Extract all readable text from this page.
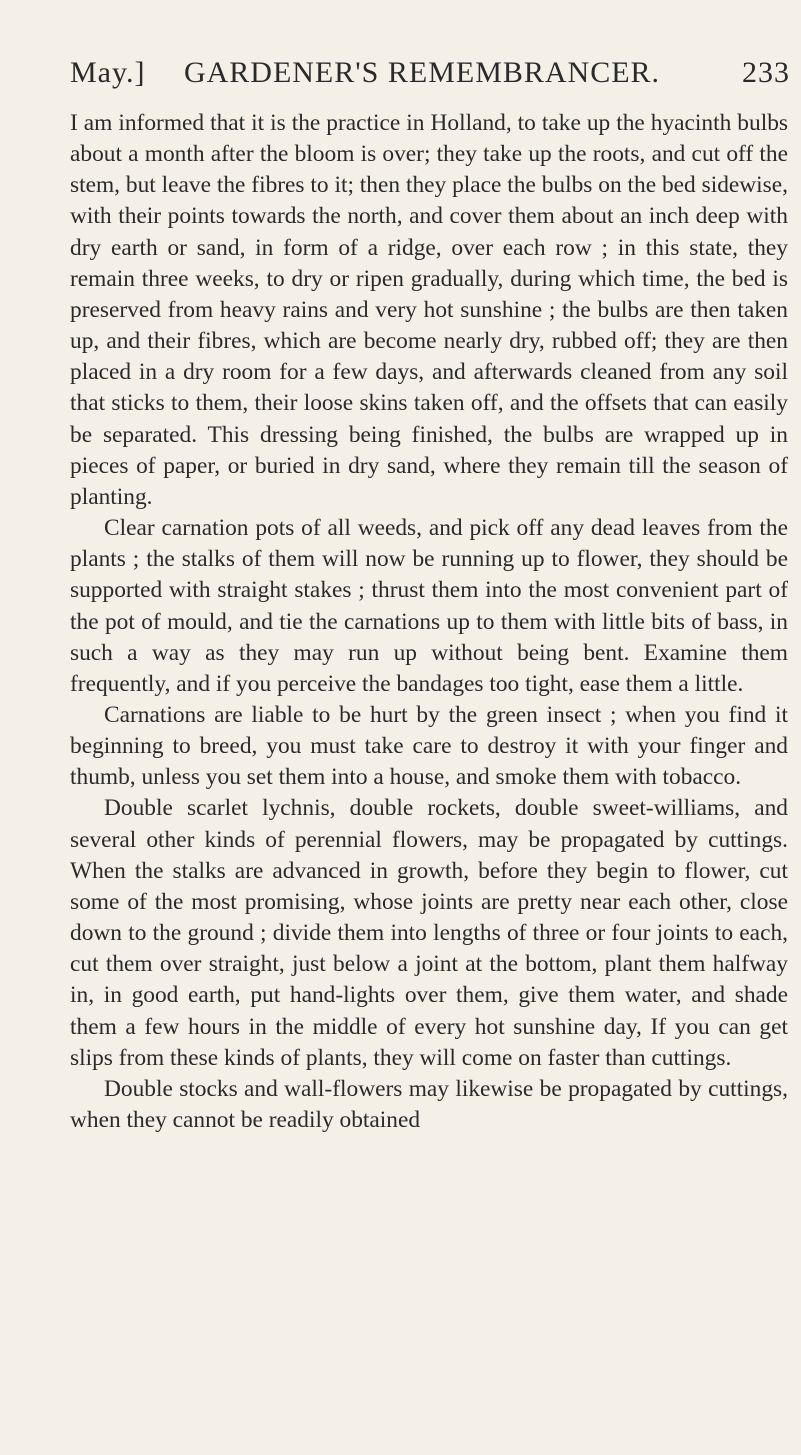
May.]	GARDENER'S REMEMBRANCER.	233

I am informed that it is the practice in Holland, to take up the hyacinth bulbs about a month after the bloom is over; they take up the roots, and cut off the stem, but leave the fibres to it; then they place the bulbs on the bed sidewise, with their points towards the north, and cover them about an inch deep with dry earth or sand, in form of a ridge, over each row ; in this state, they remain three weeks, to dry or ripen gradually, during which time, the bed is preserved from heavy rains and very hot sunshine ; the bulbs are then taken up, and their fibres, which are become nearly dry, rubbed off; they are then placed in a dry room for a few days, and afterwards cleaned from any soil that sticks to them, their loose skins taken off, and the offsets that can easily be separated. This dressing being finished, the bulbs are wrapped up in pieces of paper, or buried in dry sand, where they remain till the season of planting.

Clear carnation pots of all weeds, and pick off any dead leaves from the plants ; the stalks of them will now be running up to flower, they should be supported with straight stakes ; thrust them into the most convenient part of the pot of mould, and tie the carnations up to them with little bits of bass, in such a way as they may run up without being bent. Examine them frequently, and if you perceive the bandages too tight, ease them a little.

Carnations are liable to be hurt by the green insect ; when you find it beginning to breed, you must take care to destroy it with your finger and thumb, unless you set them into a house, and smoke them with tobacco.

Double scarlet lychnis, double rockets, double sweet-williams, and several other kinds of perennial flowers, may be propagated by cuttings. When the stalks are advanced in growth, before they begin to flower, cut some of the most promising, whose joints are pretty near each other, close down to the ground ; divide them into lengths of three or four joints to each, cut them over straight, just below a joint at the bottom, plant them halfway in, in good earth, put hand-lights over them, give them water, and shade them a few hours in the middle of every hot sunshine day, If you can get slips from these kinds of plants, they will come on faster than cuttings.

Double stocks and wall-flowers may likewise be propagated by cuttings, when they cannot be readily obtained
